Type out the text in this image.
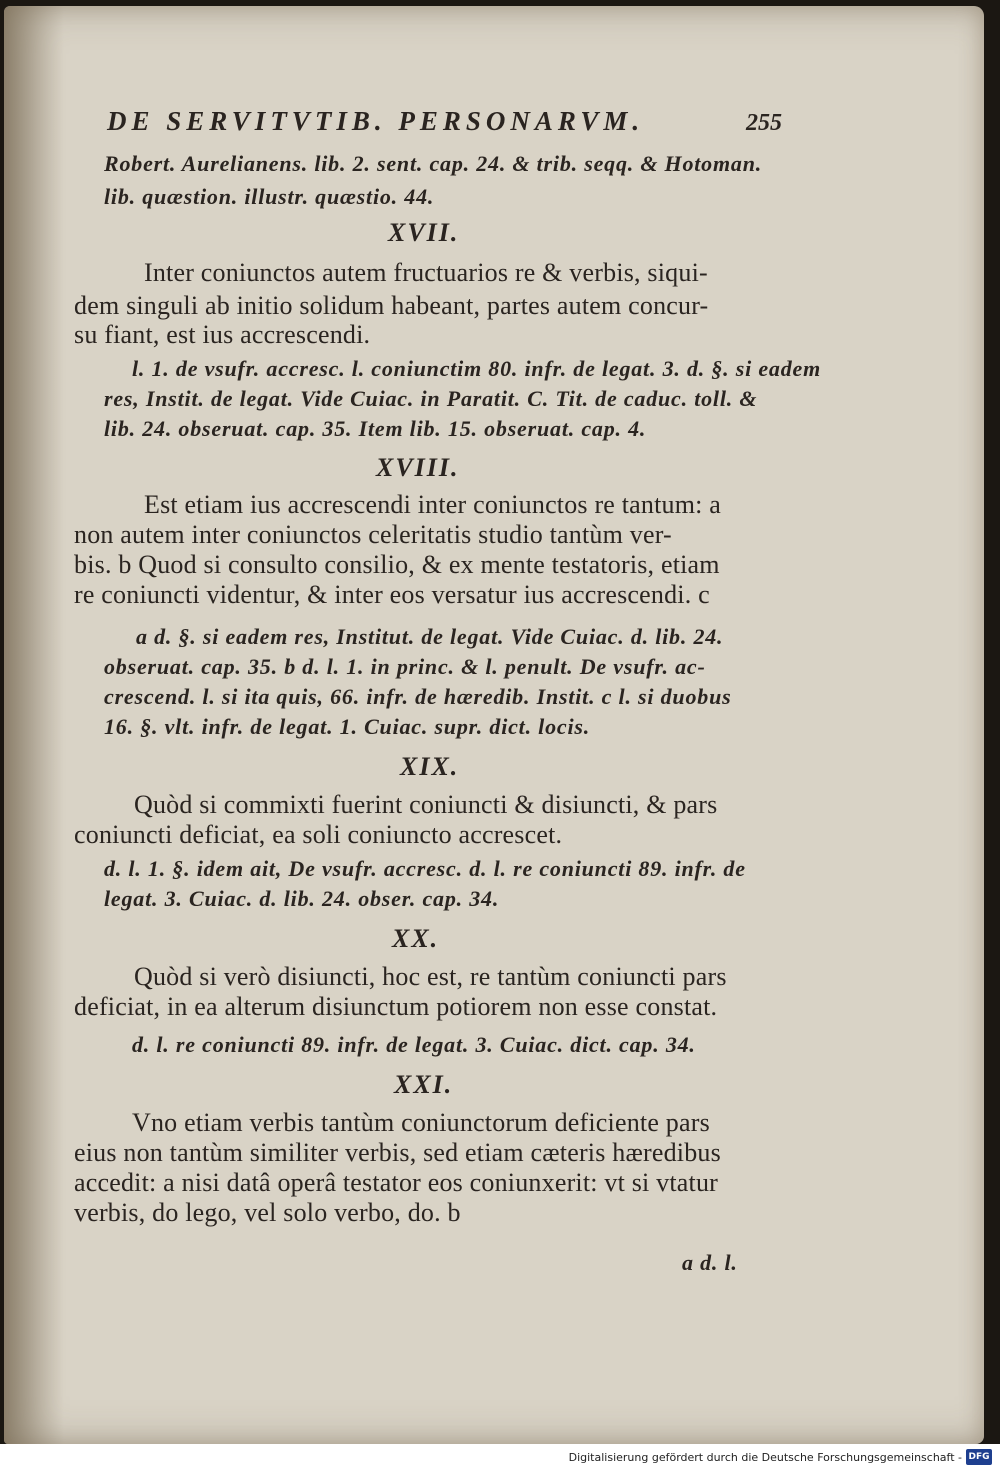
DE SERVITVTIB. PERSONARVM.	255

Robert. Aurelianens. lib. 2. sent. cap. 24. & trib. seqq. & Hotoman.

lib. quæstion. illustr. quæstio. 44.

XVII.

Inter coniunctos autem fructuarios re & verbis, siqui-

dem singuli ab initio solidum habeant, partes autem concur-

su fiant, est ius accrescendi.

l. 1. de vsufr. accresc. l. coniunctim 80. infr. de legat. 3. d. §. si eadem

res, Instit. de legat. Vide Cuiac. in Paratit. C. Tit. de caduc. toll. &

lib. 24. obseruat. cap. 35. Item lib. 15. obseruat. cap. 4.

XVIII.

Est etiam ius accrescendi inter coniunctos re tantum: a

non autem inter coniunctos celeritatis studio tantùm ver-

bis. b Quod si consulto consilio, & ex mente testatoris, etiam

re coniuncti videntur, & inter eos versatur ius accrescendi. c

a d. §. si eadem res, Institut. de legat. Vide Cuiac. d. lib. 24.

obseruat. cap. 35. b d. l. 1. in princ. & l. penult. De vsufr. ac-

crescend. l. si ita quis, 66. infr. de hæredib. Instit. c l. si duobus

16. §. vlt. infr. de legat. 1. Cuiac. supr. dict. locis.

XIX.

Quòd si commixti fuerint coniuncti & disiuncti, & pars

coniuncti deficiat, ea soli coniuncto accrescet.

d. l. 1. §. idem ait, De vsufr. accresc. d. l. re coniuncti 89. infr. de

legat. 3. Cuiac. d. lib. 24. obser. cap. 34.

XX.

Quòd si verò disiuncti, hoc est, re tantùm coniuncti pars

deficiat, in ea alterum disiunctum potiorem non esse constat.

d. l. re coniuncti 89. infr. de legat. 3. Cuiac. dict. cap. 34.

XXI.

Vno etiam verbis tantùm coniunctorum deficiente pars

eius non tantùm similiter verbis, sed etiam cæteris hæredibus

accedit: a nisi datâ operâ testator eos coniunxerit: vt si vtatur

verbis, do lego, vel solo verbo, do. b

a d. l.

Digitalisierung gefördert durch die Deutsche Forschungsgemeinschaft - DFG
